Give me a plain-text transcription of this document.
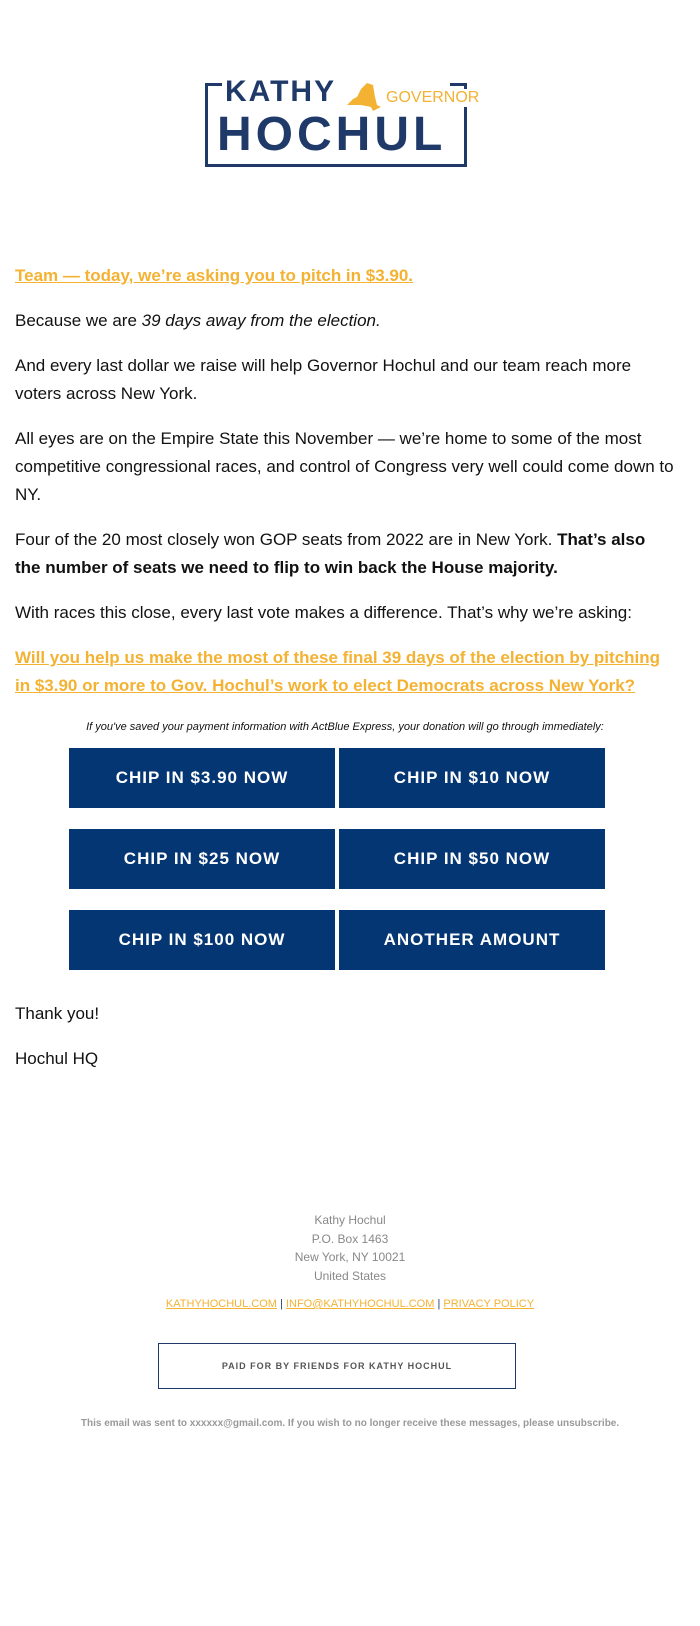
KATHY	GOVERNOR
HOCHUL

Team — today, we’re asking you to pitch in $3.90.

Because we are 39 days away from the election.

And every last dollar we raise will help Governor Hochul and our team reach more voters across New York.

All eyes are on the Empire State this November — we’re home to some of the most competitive congressional races, and control of Congress very well could come down to NY.

Four of the 20 most closely won GOP seats from 2022 are in New York. That’s also the number of seats we need to flip to win back the House majority.

With races this close, every last vote makes a difference. That’s why we’re asking:

Will you help us make the most of these final 39 days of the election by pitching in $3.90 or more to Gov. Hochul’s work to elect Democrats across New York?

If you've saved your payment information with ActBlue Express, your donation will go through immediately:

CHIP IN $3.90 NOW	CHIP IN $10 NOW
CHIP IN $25 NOW	CHIP IN $50 NOW
CHIP IN $100 NOW	ANOTHER AMOUNT

Thank you!

Hochul HQ

Kathy Hochul
P.O. Box 1463
New York, NY 10021
United States
KATHYHOCHUL.COM | INFO@KATHYHOCHUL.COM | PRIVACY POLICY
PAID FOR BY FRIENDS FOR KATHY HOCHUL
This email was sent to xxxxxx@gmail.com. If you wish to no longer receive these messages, please unsubscribe.
